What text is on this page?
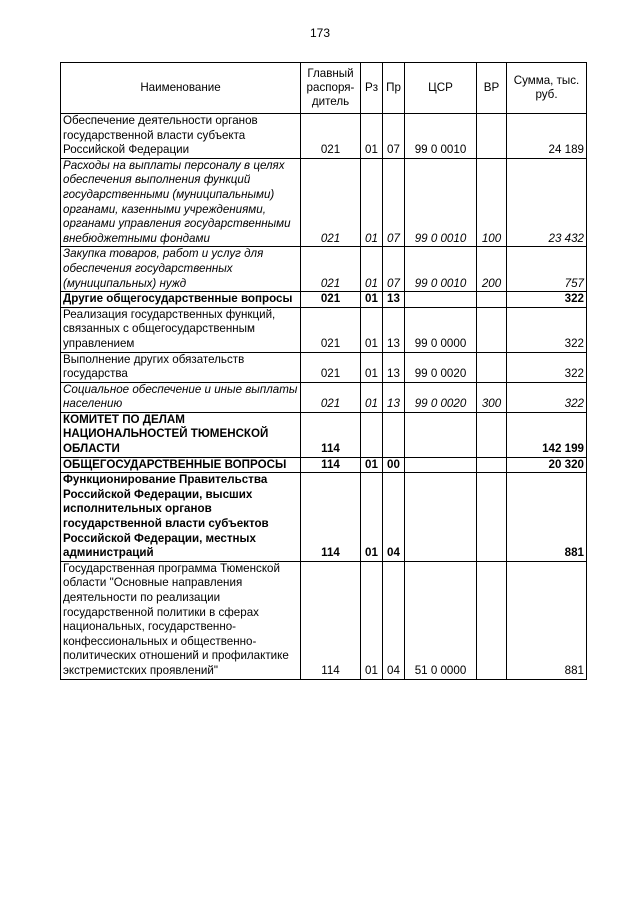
173
Наименование	Главный распоря-дитель	Рз	Пр	ЦСР	ВР	Сумма, тыс. руб.
Обеспечение деятельности органов государственной власти субъекта Российской Федерации	021	01	07	99 0 0010		24 189
Расходы на выплаты персоналу в целях обеспечения выполнения функций государственными (муниципальными) органами, казенными учреждениями, органами управления государственными внебюджетными фондами	021	01	07	99 0 0010	100	23 432
Закупка товаров, работ и услуг для обеспечения государственных (муниципальных) нужд	021	01	07	99 0 0010	200	757
Другие общегосударственные вопросы	021	01	13			322
Реализация государственных функций, связанных с общегосударственным управлением	021	01	13	99 0 0000		322
Выполнение других обязательств государства	021	01	13	99 0 0020		322
Социальное обеспечение и иные выплаты населению	021	01	13	99 0 0020	300	322
КОМИТЕТ ПО ДЕЛАМ НАЦИОНАЛЬНОСТЕЙ ТЮМЕНСКОЙ ОБЛАСТИ	114					142 199
ОБЩЕГОСУДАРСТВЕННЫЕ ВОПРОСЫ	114	01	00			20 320
Функционирование Правительства Российской Федерации, высших исполнительных органов государственной власти субъектов Российской Федерации, местных администраций	114	01	04			881
Государственная программа Тюменской области "Основные направления деятельности по реализации государственной политики в сферах национальных, государственно-конфессиональных и общественно-политических отношений и профилактике экстремистских проявлений"	114	01	04	51 0 0000		881
